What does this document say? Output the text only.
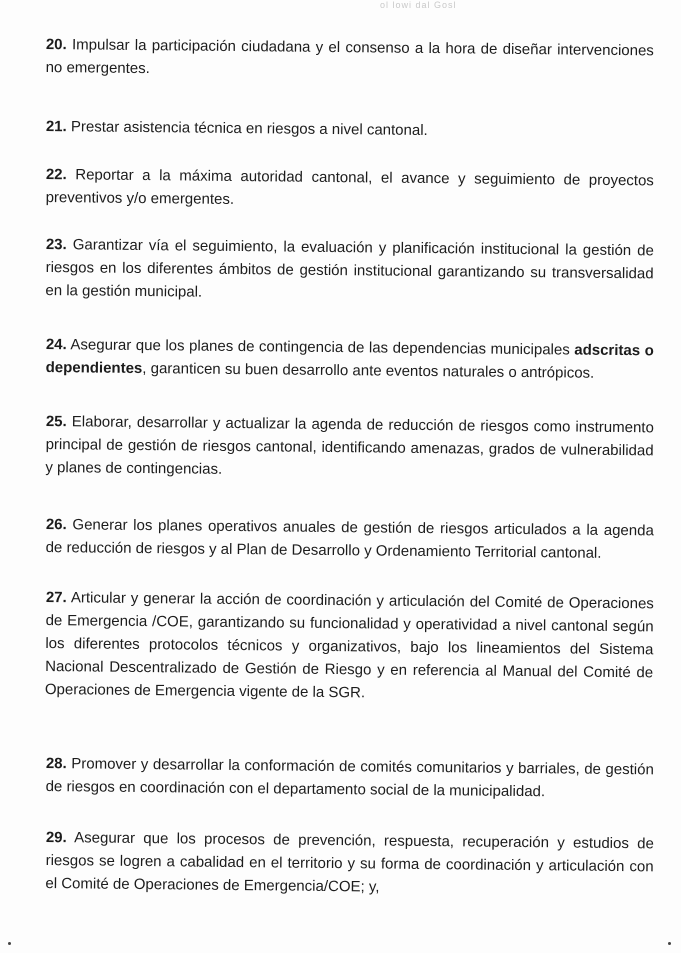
ol lowi dal Gosl
20. Impulsar la participación ciudadana y el consenso a la hora de diseñar intervenciones no emergentes.
21. Prestar asistencia técnica en riesgos a nivel cantonal.
22. Reportar a la máxima autoridad cantonal, el avance y seguimiento de proyectos preventivos y/o emergentes.
23. Garantizar vía el seguimiento, la evaluación y planificación institucional la gestión de riesgos en los diferentes ámbitos de gestión institucional garantizando su transversalidad en la gestión municipal.
24. Asegurar que los planes de contingencia de las dependencias municipales adscritas o dependientes, garanticen su buen desarrollo ante eventos naturales o antrópicos.
25. Elaborar, desarrollar y actualizar la agenda de reducción de riesgos como instrumento principal de gestión de riesgos cantonal, identificando amenazas, grados de vulnerabilidad y planes de contingencias.
26. Generar los planes operativos anuales de gestión de riesgos articulados a la agenda de reducción de riesgos y al Plan de Desarrollo y Ordenamiento Territorial cantonal.
27. Articular y generar la acción de coordinación y articulación del Comité de Operaciones de Emergencia /COE, garantizando su funcionalidad y operatividad a nivel cantonal según los diferentes protocolos técnicos y organizativos, bajo los lineamientos del Sistema Nacional Descentralizado de Gestión de Riesgo y en referencia al Manual del Comité de Operaciones de Emergencia vigente de la SGR.
28. Promover y desarrollar la conformación de comités comunitarios y barriales, de gestión de riesgos en coordinación con el departamento social de la municipalidad.
29. Asegurar que los procesos de prevención, respuesta, recuperación y estudios de riesgos se logren a cabalidad en el territorio y su forma de coordinación y articulación con el Comité de Operaciones de Emergencia/COE; y,
